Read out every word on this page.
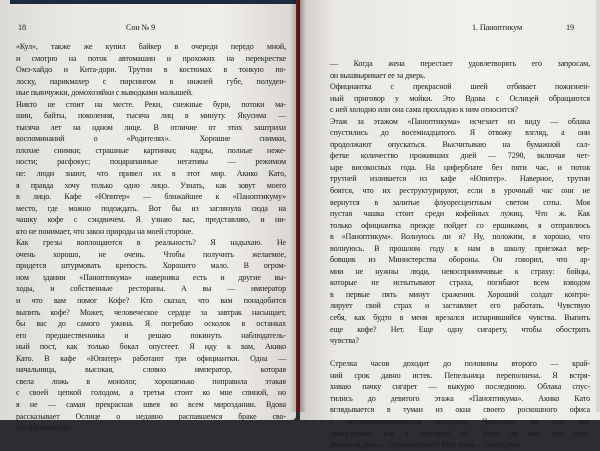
18	Сон № 9
«Кул», также же купил байкер в очереди передо мной,
и смотрю на поток автомашин и прохожих на перекрестке
Омэ-хайдо и Китa-дори. Трутни в костюмах в тонкую по-
лоску, парикмахер с пирсингом в нижней губе, полуден-
ные пьянчужки, домохозяйки с выводками малышей.
Никто не стоит на месте. Реки, снежные бури, потоки ма-
шин, байты, поколения, тысяча лиц в минуту. Якусима —
тысяча лет на одном лице. В отличие от этих заштрихи
воспоминаний о «Родителях». Хорошие снимки,
плохие снимки; страшные картинки; кадры, полные неже-
ности; расфокус; поцарапанные негативы — режимом
не: люди знают, что привел их в этот мир. Акико Като,
я правда хочу только одно лицо. Узнать, как зовут моего
в лицо. Кафе «Юпитер» — ближайшее к «Паноптикуму»
место, где можно подождать. Вот бы из заглянула сюда на
чашку кофе с сэндвичем. Я узнаю вас, представляю, и ни-
кто не понимает, что закон природы на моей стороне.
Как грезы воплощаются в реальность? Я надыхаю. Не
очень хорошо, не очень. Чтобы получить желаемое,
придется штурмовать крепость. Хорошего мало. В огром-
ном здании «Паноптикума» наверняка есть и другие вы-
ходы, и собственные рестораны. А вы — император
и что вам помог Кофе? Кто сказал, что вам понадобится
выпить кофе? Может, человеческое сердце за завтрак насыщает,
бы вас до самого ужина. Я погребаю осколок в останках
его предшественника и решаю покинуть наблюдатель-
ный пост, как только бокал опустеет. Я иду к вам, Акико
Като. В кафе «Юпитер» работают три официантки. Одна —
начальница, высокая, словно император, которая
свела ложь в монолог, хорошенько поправила этакая
с своей цепкой голодом, а третья стоит ко мне спиной, но
я не — самая прекрасная швея во всем мироздании. Вдова
рассказывает Ослице о недавно распавшемся браке сво-
его парикмахера:
1. Паноптикум	19
— Когда жена перестает удовлетворять его запросам,
он вышвыривает ее за дверь.
Официантка с прекрасной шеей отбивает пожизнен-
ный приговор у мойки. Это Вдова с Ослицей обращаются
с ней холодно или она сама прохладно к ним относится?
Этаж за этажом «Паноптикума» исчезает из виду — облака
спустились до восемнадцатого. Я отвожу взгляд, а они
продолжают опускаться. Высчитываю на бумажной сал-
фетке количество проживших дней — 7290, включая чет-
ыре високосных года. На циферблате без пяти час, и поток
трутней изливается из кафе «Юпитер». Наверное, трутни
боятся, что их реструктурируют, если в урочный час они не
вернутся в залитые флуоресцентным светом соты. Моя
пустая чашка стоит среди кофейных лужиц. Что ж. Как
только официантка прежде пойдет со ершиками, я отправлюсь
в «Паноптикум». Волнуюсь ли я? Ну, положим, я хорошо, что
волнуюсь. В прошлом году к нам в школу приезжал вер-
бовщик из Министерства обороны. Он говорил, что ар-
мии не нужны люди, невосприимчивые к страху: бойцы,
которые не испытывают страха, погибают всем взводом
в первые пять минут сражения. Хороший солдат контро-
лирует свой страх и заставляет его работать. Чувствую
себя, как будто в меня врезался испарившийся чувства. Выпить
еще кофе? Нет. Еще одну сигарету, чтобы обострить
чувства?
Стрелка часов доходит до половины второго — край-
ний срок давно истек. Пепельница переполнена. Я встря-
хиваю пачку сигарет — выкурю последнюю. Облака спус-
тились до девятого этажа «Паноптикума». Акико Като
вглядывается в туман из окна своего роскошного офиса
с кондиционированным воздухом. Чувствует ли она мое
присутствие, как я чувствую ее? Знает ли она, что сего-
дняшний день — судьбоносный? Еще одна — последняя
